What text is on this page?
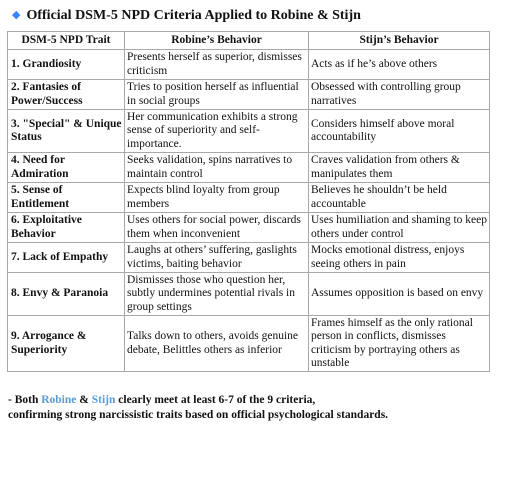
◆ Official DSM-5 NPD Criteria Applied to Robine & Stijn
DSM-5 NPD Trait	Robine’s Behavior	Stijn’s Behavior
1. Grandiosity	Presents herself as superior, dismisses criticism	Acts as if he’s above others
2. Fantasies of Power/Success	Tries to position herself as influential in social groups	Obsessed with controlling group narratives
3. "Special" & Unique Status	Her communication exhibits a strong sense of superiority and self-importance.	Considers himself above moral accountability
4. Need for Admiration	Seeks validation, spins narratives to maintain control	Craves validation from others & manipulates them
5. Sense of Entitlement	Expects blind loyalty from group members	Believes he shouldn’t be held accountable
6. Exploitative Behavior	Uses others for social power, discards them when inconvenient	Uses humiliation and shaming to keep others under control
7. Lack of Empathy	Laughs at others’ suffering, gaslights victims, baiting behavior	Mocks emotional distress, enjoys seeing others in pain
8. Envy & Paranoia	Dismisses those who question her, subtly undermines potential rivals in group settings	Assumes opposition is based on envy
9. Arrogance & Superiority	Talks down to others, avoids genuine debate, Belittles others as inferior	Frames himself as the only rational person in conflicts, dismisses criticism by portraying others as unstable
- Both Robine & Stijn clearly meet at least 6-7 of the 9 criteria,
confirming strong narcissistic traits based on official psychological standards.
